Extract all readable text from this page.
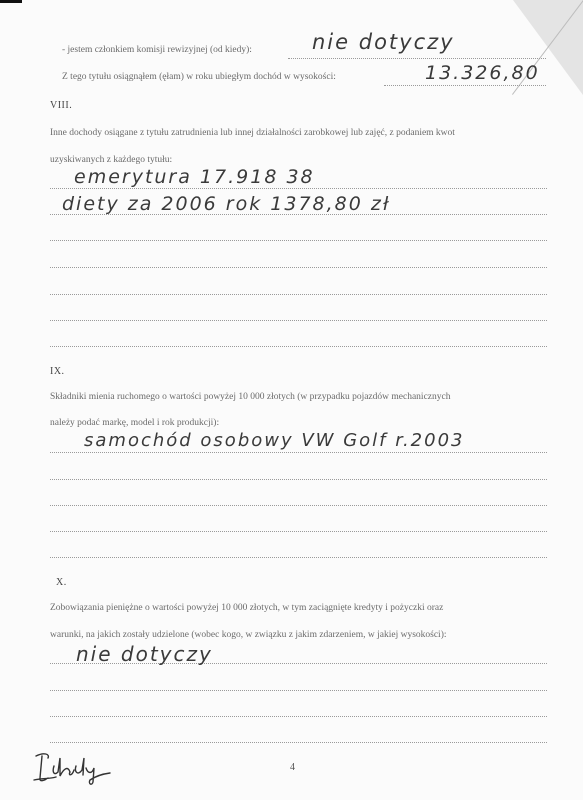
- jestem członkiem komisji rewizyjnej (od kiedy):	nie dotyczy
Z tego tytułu osiągnąłem (ęłam) w roku ubiegłym dochód w wysokości:	13.326,80
VIII.
Inne dochody osiągane z tytułu zatrudnienia lub innej działalności zarobkowej lub zajęć, z podaniem kwot
uzyskiwanych z każdego tytułu:
emerytura 17.918 38
diety za 2006 rok 1378,80 zł
IX.
Składniki mienia ruchomego o wartości powyżej 10 000 złotych (w przypadku pojazdów mechanicznych
należy podać markę, model i rok produkcji):
samochód osobowy VW Golf r.2003
X.
Zobowiązania pieniężne o wartości powyżej 10 000 złotych, w tym zaciągnięte kredyty i pożyczki oraz
warunki, na jakich zostały udzielone (wobec kogo, w związku z jakim zdarzeniem, w jakiej wysokości):
nie dotyczy
4
